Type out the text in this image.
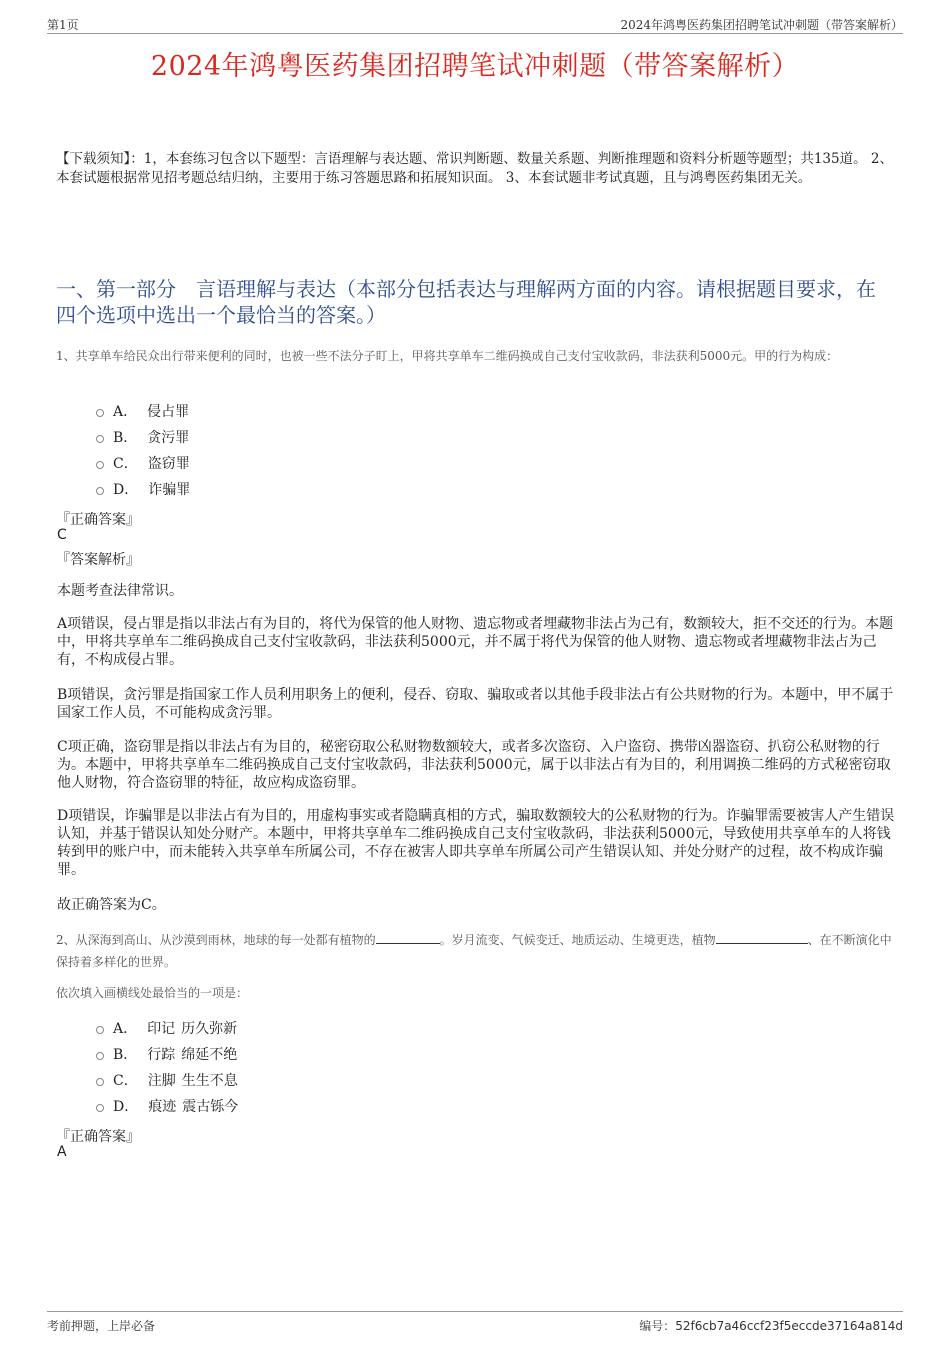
第1页	2024年鸿粤医药集团招聘笔试冲刺题（带答案解析）
2024年鸿粤医药集团招聘笔试冲刺题（带答案解析）
【下载须知】：1，本套练习包含以下题型：言语理解与表达题、常识判断题、数量关系题、判断推理题和资料分析题等题型；共135道。 2、本套试题根据常见招考题总结归纳，主要用于练习答题思路和拓展知识面。 3、本套试题非考试真题，且与鸿粤医药集团无关。
一、第一部分　言语理解与表达（本部分包括表达与理解两方面的内容。请根据题目要求，在四个选项中选出一个最恰当的答案。）
1、共享单车给民众出行带来便利的同时，也被一些不法分子盯上，甲将共享单车二维码换成自己支付宝收款码，非法获利5000元。甲的行为构成：
A． 侵占罪
B． 贪污罪
C． 盗窃罪
D． 诈骗罪
『正确答案』
C
『答案解析』
本题考查法律常识。
A项错误，侵占罪是指以非法占有为目的，将代为保管的他人财物、遗忘物或者埋藏物非法占为己有，数额较大，拒不交还的行为。本题中，甲将共享单车二维码换成自己支付宝收款码，非法获利5000元，并不属于将代为保管的他人财物、遗忘物或者埋藏物非法占为己有，不构成侵占罪。
B项错误，贪污罪是指国家工作人员利用职务上的便利，侵吞、窃取、骗取或者以其他手段非法占有公共财物的行为。本题中，甲不属于国家工作人员，不可能构成贪污罪。
C项正确，盗窃罪是指以非法占有为目的，秘密窃取公私财物数额较大，或者多次盗窃、入户盗窃、携带凶器盗窃、扒窃公私财物的行为。本题中，甲将共享单车二维码换成自己支付宝收款码，非法获利5000元，属于以非法占有为目的，利用调换二维码的方式秘密窃取他人财物，符合盗窃罪的特征，故应构成盗窃罪。
D项错误，诈骗罪是以非法占有为目的，用虚构事实或者隐瞒真相的方式，骗取数额较大的公私财物的行为。诈骗罪需要被害人产生错误认知，并基于错误认知处分财产。本题中，甲将共享单车二维码换成自己支付宝收款码，非法获利5000元，导致使用共享单车的人将钱转到甲的账户中，而未能转入共享单车所属公司，不存在被害人即共享单车所属公司产生错误认知、并处分财产的过程，故不构成诈骗罪。
故正确答案为C。
2、从深海到高山、从沙漠到雨林，地球的每一处都有植物的	。岁月流变、气候变迁、地质运动、生境更迭，植物	、在不断演化中保持着多样化的世界。
依次填入画横线处最恰当的一项是：
A． 印记 历久弥新
B． 行踪 绵延不绝
C． 注脚 生生不息
D． 痕迹 震古铄今
『正确答案』
A
考前押题，上岸必备	编号：52f6cb7a46ccf23f5eccde37164a814d
